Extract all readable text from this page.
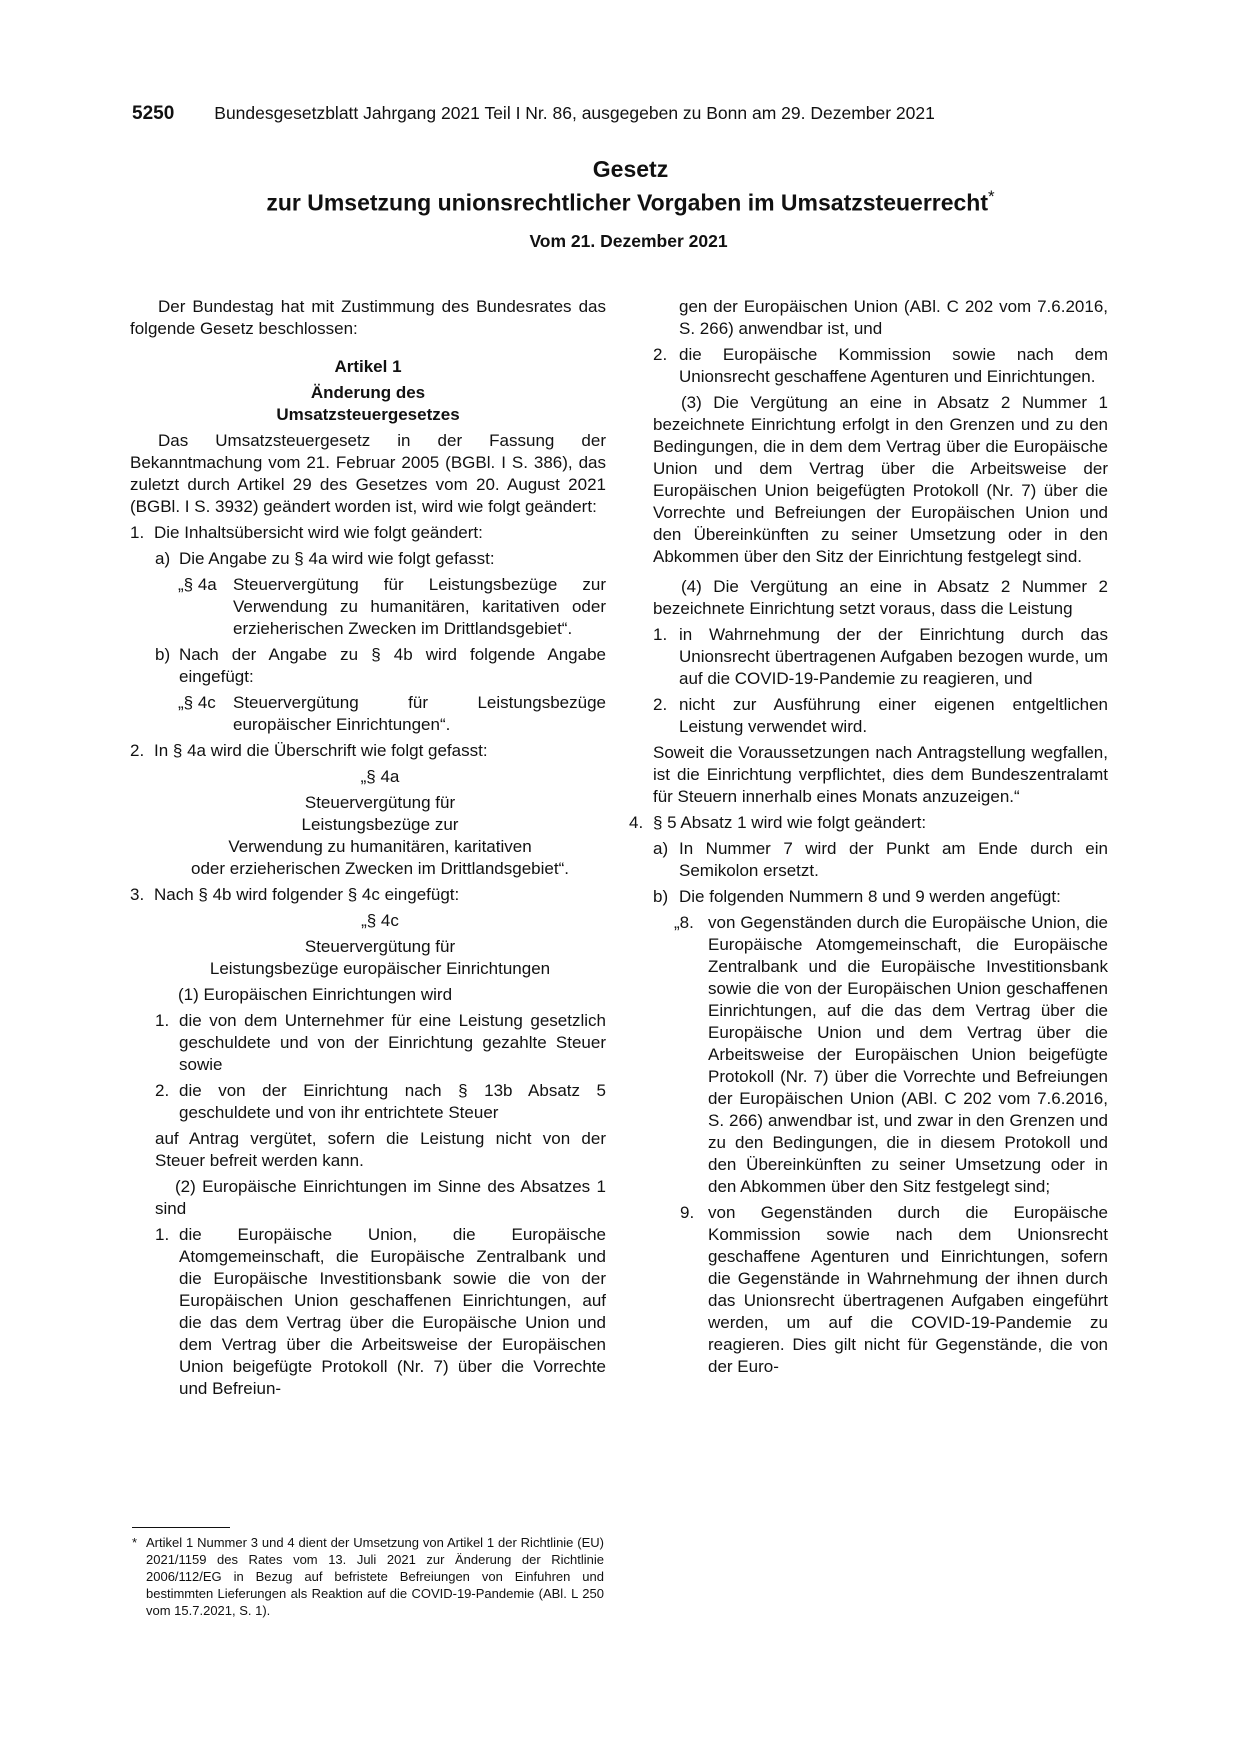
5250 Bundesgesetzblatt Jahrgang 2021 Teil I Nr. 86, ausgegeben zu Bonn am 29. Dezember 2021
Gesetz
zur Umsetzung unionsrechtlicher Vorgaben im Umsatzsteuerrecht*
Vom 21. Dezember 2021

Der Bundestag hat mit Zustimmung des Bundesrates das folgende Gesetz beschlossen:

Artikel 1

Änderung des

Umsatzsteuergesetzes

Das Umsatzsteuergesetz in der Fassung der Bekanntmachung vom 21. Februar 2005 (BGBl. I S. 386), das zuletzt durch Artikel 29 des Gesetzes vom 20. August 2021 (BGBl. I S. 3932) geändert worden ist, wird wie folgt geändert:

1. Die Inhaltsübersicht wird wie folgt geändert:
a) Die Angabe zu § 4a wird wie folgt gefasst:
„§ 4a Steuervergütung für Leistungsbezüge zur Verwendung zu humanitären, karitativen oder erzieherischen Zwecken im Drittlandsgebiet“.
b) Nach der Angabe zu § 4b wird folgende Angabe eingefügt:
„§ 4c	Steuervergütung für Leistungsbezüge europäischer Einrichtungen“.
2. In § 4a wird die Überschrift wie folgt gefasst:

„§ 4a

Steuervergütung für

Leistungsbezüge zur

Verwendung zu humanitären, karitativen

oder erzieherischen Zwecken im Drittlandsgebiet“.

3. Nach § 4b wird folgender § 4c eingefügt:

„§ 4c

Steuervergütung für

Leistungsbezüge europäischer Einrichtungen

(1) Europäischen Einrichtungen wird

1. die von dem Unternehmer für eine Leistung gesetzlich geschuldete und von der Einrichtung gezahlte Steuer sowie
2. die von der Einrichtung nach § 13b Absatz 5 geschuldete und von ihr entrichtete Steuer

auf Antrag vergütet, sofern die Leistung nicht von der Steuer befreit werden kann.

(2) Europäische Einrichtungen im Sinne des Absatzes 1 sind

1. die Europäische Union, die Europäische Atomgemeinschaft, die Europäische Zentralbank und die Europäische Investitionsbank sowie die von der Europäischen Union geschaffenen Einrichtungen, auf die das dem Vertrag über die Europäische Union und dem Vertrag über die Arbeitsweise der Europäischen Union beigefügte Protokoll (Nr. 7) über die Vorrechte und Befreiun-

gen der Europäischen Union (ABl. C 202 vom 7.6.2016, S. 266) anwendbar ist, und

2. die Europäische Kommission sowie nach dem Unionsrecht geschaffene Agenturen und Einrichtungen.

(3) Die Vergütung an eine in Absatz 2 Nummer 1 bezeichnete Einrichtung erfolgt in den Grenzen und zu den Bedingungen, die in dem dem Vertrag über die Europäische Union und dem Vertrag über die Arbeitsweise der Europäischen Union beigefügten Protokoll (Nr. 7) über die Vorrechte und Befreiungen der Europäischen Union und den Übereinkünften zu seiner Umsetzung oder in den Abkommen über den Sitz der Einrichtung festgelegt sind.

(4) Die Vergütung an eine in Absatz 2 Nummer 2 bezeichnete Einrichtung setzt voraus, dass die Leistung

1. in Wahrnehmung der der Einrichtung durch das Unionsrecht übertragenen Aufgaben bezogen wurde, um auf die COVID-19-Pandemie zu reagieren, und
2. nicht zur Ausführung einer eigenen entgeltlichen Leistung verwendet wird.

Soweit die Voraussetzungen nach Antragstellung wegfallen, ist die Einrichtung verpflichtet, dies dem Bundeszentralamt für Steuern innerhalb eines Monats anzuzeigen.“

4. § 5 Absatz 1 wird wie folgt geändert:
a) In Nummer 7 wird der Punkt am Ende durch ein Semikolon ersetzt.
b) Die folgenden Nummern 8 und 9 werden angefügt:
„8. von Gegenständen durch die Europäische Union, die Europäische Atomgemeinschaft, die Europäische Zentralbank und die Europäische Investitionsbank sowie die von der Europäischen Union geschaffenen Einrichtungen, auf die das dem Vertrag über die Europäische Union und dem Vertrag über die Arbeitsweise der Europäischen Union beigefügte Protokoll (Nr. 7) über die Vorrechte und Befreiungen der Europäischen Union (ABl. C 202 vom 7.6.2016, S. 266) anwendbar ist, und zwar in den Grenzen und zu den Bedingungen, die in diesem Protokoll und den Übereinkünften zu seiner Umsetzung oder in den Abkommen über den Sitz festgelegt sind;
9. von Gegenständen durch die Europäische Kommission sowie nach dem Unionsrecht geschaffene Agenturen und Einrichtungen, sofern die Gegenstände in Wahrnehmung der ihnen durch das Unionsrecht übertragenen Aufgaben eingeführt werden, um auf die COVID-19-Pandemie zu reagieren. Dies gilt nicht für Gegenstände, die von der Euro-
* Artikel 1 Nummer 3 und 4 dient der Umsetzung von Artikel 1 der Richtlinie (EU) 2021/1159 des Rates vom 13. Juli 2021 zur Änderung der Richtlinie 2006/112/EG in Bezug auf befristete Befreiungen von Einfuhren und bestimmten Lieferungen als Reaktion auf die COVID-19-Pandemie (ABl. L 250 vom 15.7.2021, S. 1).
